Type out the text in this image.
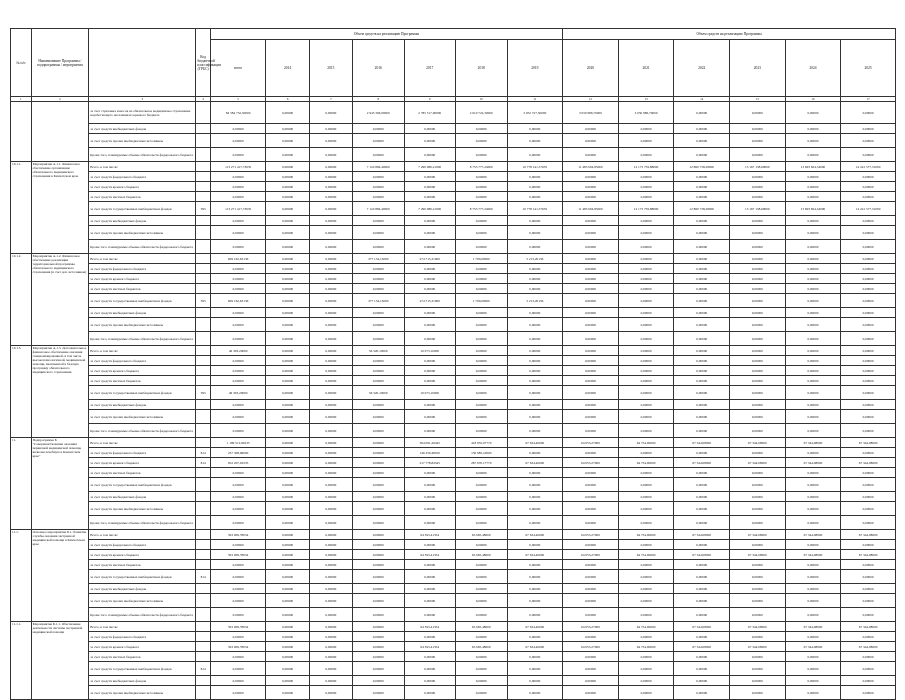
№ п/п	Наименование Программы / подпрограммы / мероприятия		Код бюджетной классификации (ГРБС)	Объем средств на реализацию Программы							Объем средств на реализацию Программы					
				всего	2014	2015	2016	2017	2018	2019	2020	2021	2022	2023	2024	2025
1	2	3	4	5	6	7	8	9	10	11	12	13	14	15	16	17
		за счет страховых взносов на обязательное медицинское страхование неработающего населения из краевого бюджета		84 584 732,50000	0,00000	0,00000	2 945 306,00000	2 785 517,00000	2 619 722,30000	2 952 727,30000	3 050 986,70000	3 050 986,70000	0,00000	0,00000	0,00000	0,00000
		за счет средств внебюджетных фондов		0,00000	0,00000	0,00000	0,00000	0,00000	0,00000	0,00000	0,00000	0,00000	0,00000	0,00000	0,00000	0,00000
		за счет средств прочих внебюджетных источников		0,00000	0,00000	0,00000	0,00000	0,00000	0,00000	0,00000	0,00000	0,00000	0,00000	0,00000	0,00000	0,00000
		Кроме того, планируемые объемы обязательств федерального бюджета		0,00000	0,00000	0,00000	0,00000	0,00000	0,00000	0,00000	0,00000	0,00000	0,00000	0,00000	0,00000	0,00000
10.1.1.	Мероприятие А.1.1. Финансовое обеспечение организации обязательного медицинского страхования в Камчатском крае	Всего, в том числе:		113 271 417,73635	0,00000	0,00000	7 124 884,40000	7 290 086,21000	8 753 777,24000	10 778 141,57635	11 485 004,85000	12 173 759,88000	12 860 738,28000	13 167 138,69000	13 693 824,34000	14 241 577,31000
		за счет средств федерального бюджета		0,00000	0,00000	0,00000	0,00000	0,00000	0,00000	0,00000	0,00000	0,00000	0,00000	0,00000	0,00000	0,00000
		за счет средств краевого бюджета		0,00000	0,00000	0,00000	0,00000	0,00000	0,00000	0,00000	0,00000	0,00000	0,00000	0,00000	0,00000	0,00000
		за счет средств местных бюджетов		0,00000	0,00000	0,00000	0,00000	0,00000	0,00000	0,00000	0,00000	0,00000	0,00000	0,00000	0,00000	0,00000
		за счет средств государственных внебюджетных фондов	395	113 271 417,73635	0,00000	0,00000	7 124 884,40000	7 290 086,21000	8 753 777,24000	10 778 141,57635	11 485 004,85000	12 173 759,88000	12 860 738,28000	13 167 138,69000	13 693 824,34000	14 241 577,31000
		за счет средств внебюджетных фондов		0,00000	0,00000	0,00000	0,00000	0,00000	0,00000	0,00000	0,00000	0,00000	0,00000	0,00000	0,00000	0,00000
		за счет средств прочих внебюджетных источников		0,00000	0,00000	0,00000	0,00000	0,00000	0,00000	0,00000	0,00000	0,00000	0,00000	0,00000	0,00000	0,00000
		Кроме того, планируемые объемы обязательств федерального бюджета		0,00000	0,00000	0,00000	0,00000	0,00000	0,00000	0,00000	0,00000	0,00000	0,00000	0,00000	0,00000	0,00000
10.1.2.	Мероприятие А.1.2. Финансовое обеспечение реализации территориальной программы обязательного медицинского страхования (в счет доп. источников)	Всего, в том числе:		609 162,63136	0,00000	0,00000	377 134,13000	274 715,31000	1 700,00000	5 213,20136	0,00000	0,00000	0,00000	0,00000	0,00000	0,00000
		за счет средств федерального бюджета		0,00000	0,00000	0,00000	0,00000	0,00000	0,00000	0,00000	0,00000	0,00000	0,00000	0,00000	0,00000	0,00000
		за счет средств краевого бюджета		0,00000	0,00000	0,00000	0,00000	0,00000	0,00000	0,00000	0,00000	0,00000	0,00000	0,00000	0,00000	0,00000
		за счет средств местных бюджетов		0,00000	0,00000	0,00000	0,00000	0,00000	0,00000	0,00000	0,00000	0,00000	0,00000	0,00000	0,00000	0,00000
		за счет средств государственных внебюджетных фондов	395	609 162,63136	0,00000	0,00000	377 134,13000	274 715,31000	1 700,00000	5 213,20136	0,00000	0,00000	0,00000	0,00000	0,00000	0,00000
		за счет средств внебюджетных фондов		0,00000	0,00000	0,00000	0,00000	0,00000	0,00000	0,00000	0,00000	0,00000	0,00000	0,00000	0,00000	0,00000
		за счет средств прочих внебюджетных источников		0,00000	0,00000	0,00000	0,00000	0,00000	0,00000	0,00000	0,00000	0,00000	0,00000	0,00000	0,00000	0,00000
		Кроме того, планируемые объемы обязательств федерального бюджета		0,00000	0,00000	0,00000	0,00000	0,00000	0,00000	0,00000	0,00000	0,00000	0,00000	0,00000	0,00000	0,00000
10.1.3.	Мероприятие А.1.3. Дополнительное финансовое обеспечение оказания специализированной, в том числе высокотехнологичной, медицинской помощи, включенной в базовую программу обязательного медицинского страхования	Всего, в том числе:		46 393,20000	0,00000	0,00000	36 320,10000	10 073,10000	0,00000	0,00000	0,00000	0,00000	0,00000	0,00000	0,00000	0,00000
		за счет средств федерального бюджета		0,00000	0,00000	0,00000	0,00000	0,00000	0,00000	0,00000	0,00000	0,00000	0,00000	0,00000	0,00000	0,00000
		за счет средств краевого бюджета		0,00000	0,00000	0,00000	0,00000	0,00000	0,00000	0,00000	0,00000	0,00000	0,00000	0,00000	0,00000	0,00000
		за счет средств местных бюджетов		0,00000	0,00000	0,00000	0,00000	0,00000	0,00000	0,00000	0,00000	0,00000	0,00000	0,00000	0,00000	0,00000
		за счет средств государственных внебюджетных фондов	395	46 393,20000	0,00000	0,00000	36 320,10000	10 073,10000	0,00000	0,00000	0,00000	0,00000	0,00000	0,00000	0,00000	0,00000
		за счет средств внебюджетных фондов		0,00000	0,00000	0,00000	0,00000	0,00000	0,00000	0,00000	0,00000	0,00000	0,00000	0,00000	0,00000	0,00000
		за счет средств прочих внебюджетных источников		0,00000	0,00000	0,00000	0,00000	0,00000	0,00000	0,00000	0,00000	0,00000	0,00000	0,00000	0,00000	0,00000
		Кроме того, планируемые объемы обязательств федерального бюджета		0,00000	0,00000	0,00000	0,00000	0,00000	0,00000	0,00000	0,00000	0,00000	0,00000	0,00000	0,00000	0,00000
11.	Подпрограмма Б "Совершенствование оказания первичной медицинской помощи, включая лечебную в Камчатском крае"	Всего, в том числе:		1 189 512,99235	0,00000	0,00000	0,00000	364 091,26445	418 955,07770	67 634,40000	64 053,27000	64 754,90000	67 344,08000	67 344,08000	67 344,08000	67 344,08000
		за счет средств федерального бюджета	814	237 308,96000	0,00000	0,00000	0,00000	146 350,48100	130 985,10000	0,00000	0,00000	0,00000	0,00000	0,00000	0,00000	0,00000
		за счет средств краевого бюджета	814	952 207,03235	0,00000	0,00000	0,00000	217 778,84345	287 970,17770	67 634,40000	64 053,27000	64 754,90000	67 344,08000	67 344,08000	67 344,08000	67 344,08000
		за счет средств местных бюджетов		0,00000	0,00000	0,00000	0,00000	0,00000	0,00000	0,00000	0,00000	0,00000	0,00000	0,00000	0,00000	0,00000
		за счет средств государственных внебюджетных фондов		0,00000	0,00000	0,00000	0,00000	0,00000	0,00000	0,00000	0,00000	0,00000	0,00000	0,00000	0,00000	0,00000
		за счет средств внебюджетных фондов		0,00000	0,00000	0,00000	0,00000	0,00000	0,00000	0,00000	0,00000	0,00000	0,00000	0,00000	0,00000	0,00000
		за счет средств прочих внебюджетных источников		0,00000	0,00000	0,00000	0,00000	0,00000	0,00000	0,00000	0,00000	0,00000	0,00000	0,00000	0,00000	0,00000
		Кроме того, планируемые объемы обязательств федерального бюджета		0,00000	0,00000	0,00000	0,00000	0,00000	0,00000	0,00000	0,00000	0,00000	0,00000	0,00000	0,00000	0,00000
11.1.	Основное мероприятие Б.1. Развитие службы оказания экстренной медицинской помощи в Камчатском крае	Всего, в том числе:		593 909,78054	0,00000	0,00000	0,00000	64 393,41354	63 065,48000	67 634,40000	64 053,27000	64 754,90000	67 344,08000	67 344,08000	67 344,08000	67 344,08000
		за счет средств федерального бюджета		0,00000	0,00000	0,00000	0,00000	0,00000	0,00000	0,00000	0,00000	0,00000	0,00000	0,00000	0,00000	0,00000
		за счет средств краевого бюджета		593 909,78054	0,00000	0,00000	0,00000	64 393,41354	63 065,48000	67 634,40000	64 053,27000	64 754,90000	67 344,08000	67 344,08000	67 344,08000	67 344,08000
		за счет средств местных бюджетов		0,00000	0,00000	0,00000	0,00000	0,00000	0,00000	0,00000	0,00000	0,00000	0,00000	0,00000	0,00000	0,00000
		за счет средств государственных внебюджетных фондов	814	0,00000	0,00000	0,00000	0,00000	0,00000	0,00000	0,00000	0,00000	0,00000	0,00000	0,00000	0,00000	0,00000
		за счет средств внебюджетных фондов		0,00000	0,00000	0,00000	0,00000	0,00000	0,00000	0,00000	0,00000	0,00000	0,00000	0,00000	0,00000	0,00000
		за счет средств прочих внебюджетных источников		0,00000	0,00000	0,00000	0,00000	0,00000	0,00000	0,00000	0,00000	0,00000	0,00000	0,00000	0,00000	0,00000
		Кроме того, планируемые объемы обязательств федерального бюджета		0,00000	0,00000	0,00000	0,00000	0,00000	0,00000	0,00000	0,00000	0,00000	0,00000	0,00000	0,00000	0,00000
11.1.1.	Мероприятие Б.1.1. Обеспечение деятельности системы экстренной медицинской помощи	Всего, в том числе:		593 909,78054	0,00000	0,00000	0,00000	64 393,41354	63 065,48000	67 634,40000	64 053,27000	64 754,90000	67 344,08000	67 344,08000	67 344,08000	67 344,08000
		за счет средств федерального бюджета		0,00000	0,00000	0,00000	0,00000	0,00000	0,00000	0,00000	0,00000	0,00000	0,00000	0,00000	0,00000	0,00000
		за счет средств краевого бюджета		593 909,78054	0,00000	0,00000	0,00000	64 393,41354	63 065,48000	67 634,40000	64 053,27000	64 754,90000	67 344,08000	67 344,08000	67 344,08000	67 344,08000
		за счет средств местных бюджетов		0,00000	0,00000	0,00000	0,00000	0,00000	0,00000	0,00000	0,00000	0,00000	0,00000	0,00000	0,00000	0,00000
		за счет средств государственных внебюджетных фондов	814	0,00000	0,00000	0,00000	0,00000	0,00000	0,00000	0,00000	0,00000	0,00000	0,00000	0,00000	0,00000	0,00000
		за счет средств внебюджетных фондов		0,00000	0,00000	0,00000	0,00000	0,00000	0,00000	0,00000	0,00000	0,00000	0,00000	0,00000	0,00000	0,00000
		за счет средств прочих внебюджетных источников		0,00000	0,00000	0,00000	0,00000	0,00000	0,00000	0,00000	0,00000	0,00000	0,00000	0,00000	0,00000	0,00000
